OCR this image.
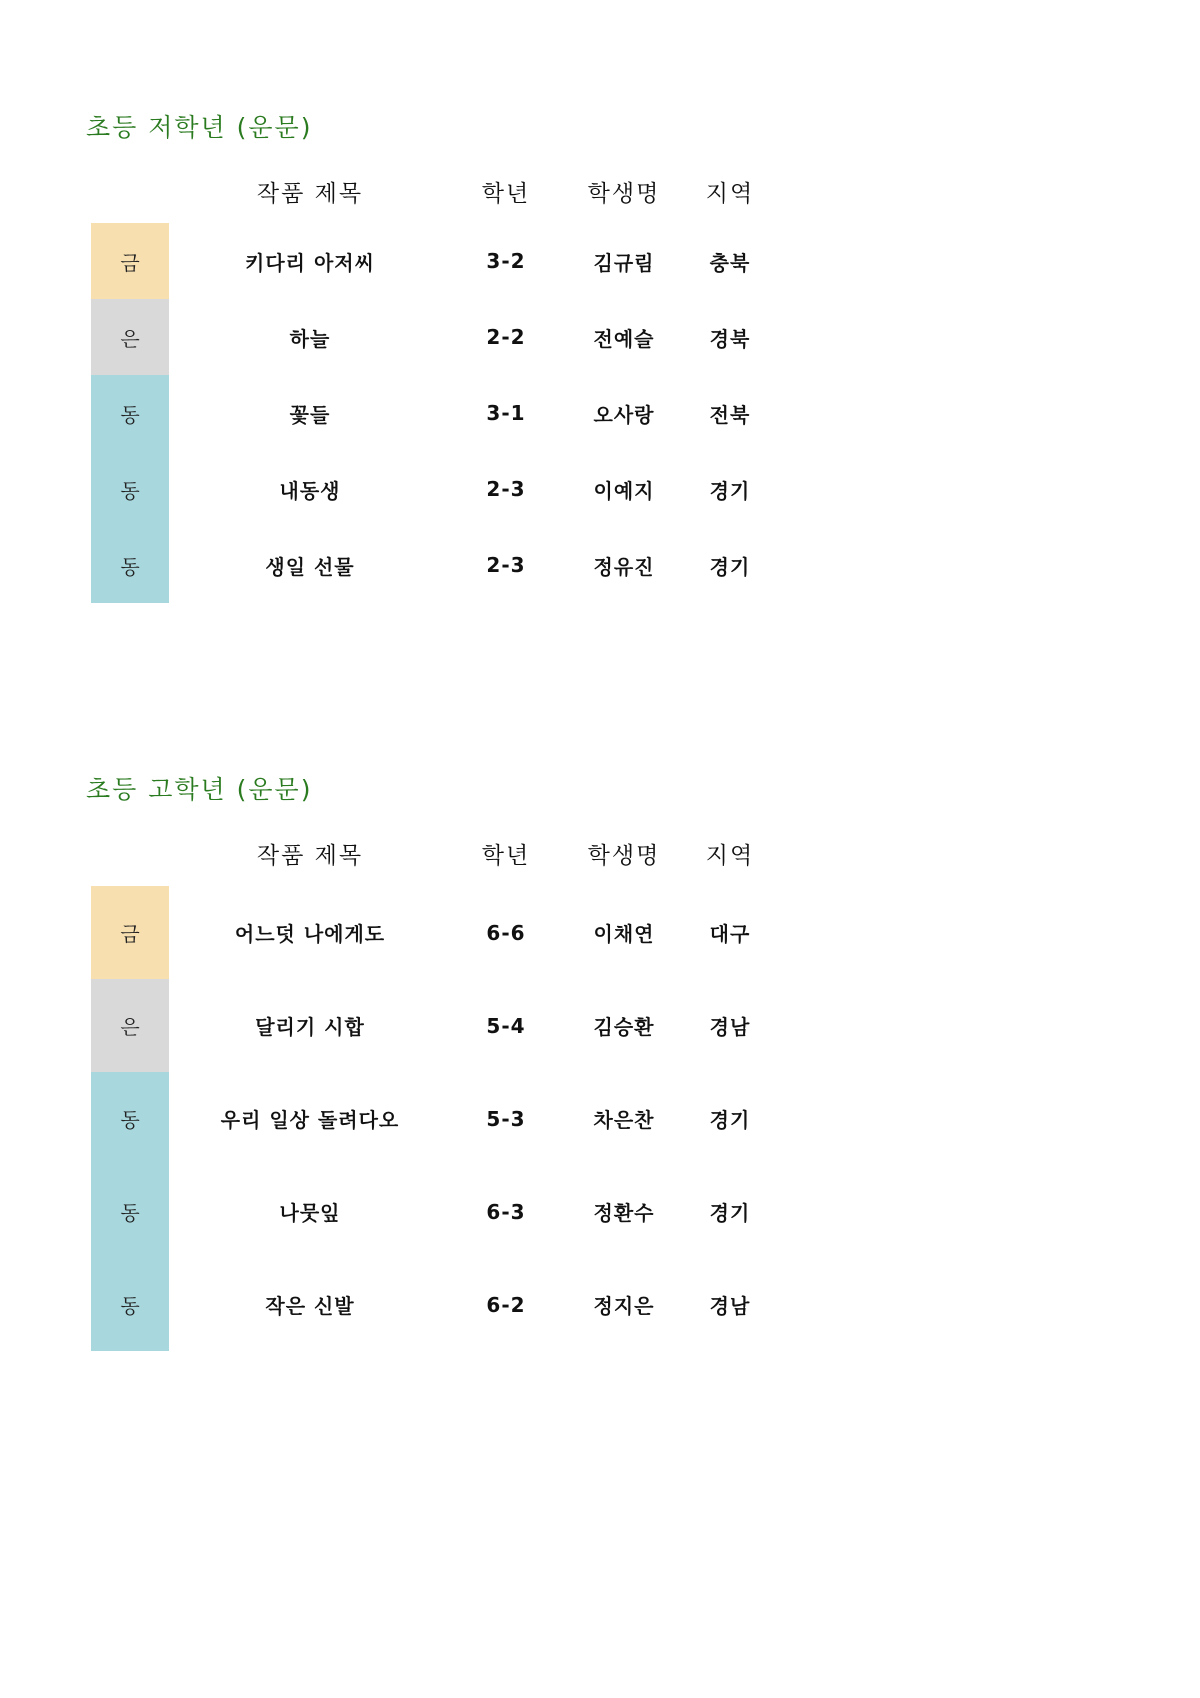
초등 저학년 (운문)
작품 제목	학년	학생명	지역
금	키다리 아저씨	3-2	김규림	충북
은	하늘	2-2	전예슬	경북
동	꽃들	3-1	오사랑	전북
동	내동생	2-3	이예지	경기
동	생일 선물	2-3	정유진	경기
초등 고학년 (운문)
작품 제목	학년	학생명	지역
금	어느덧 나에게도	6-6	이채연	대구
은	달리기 시합	5-4	김승환	경남
동	우리 일상 돌려다오	5-3	차은찬	경기
동	나뭇잎	6-3	정환수	경기
동	작은 신발	6-2	정지은	경남
